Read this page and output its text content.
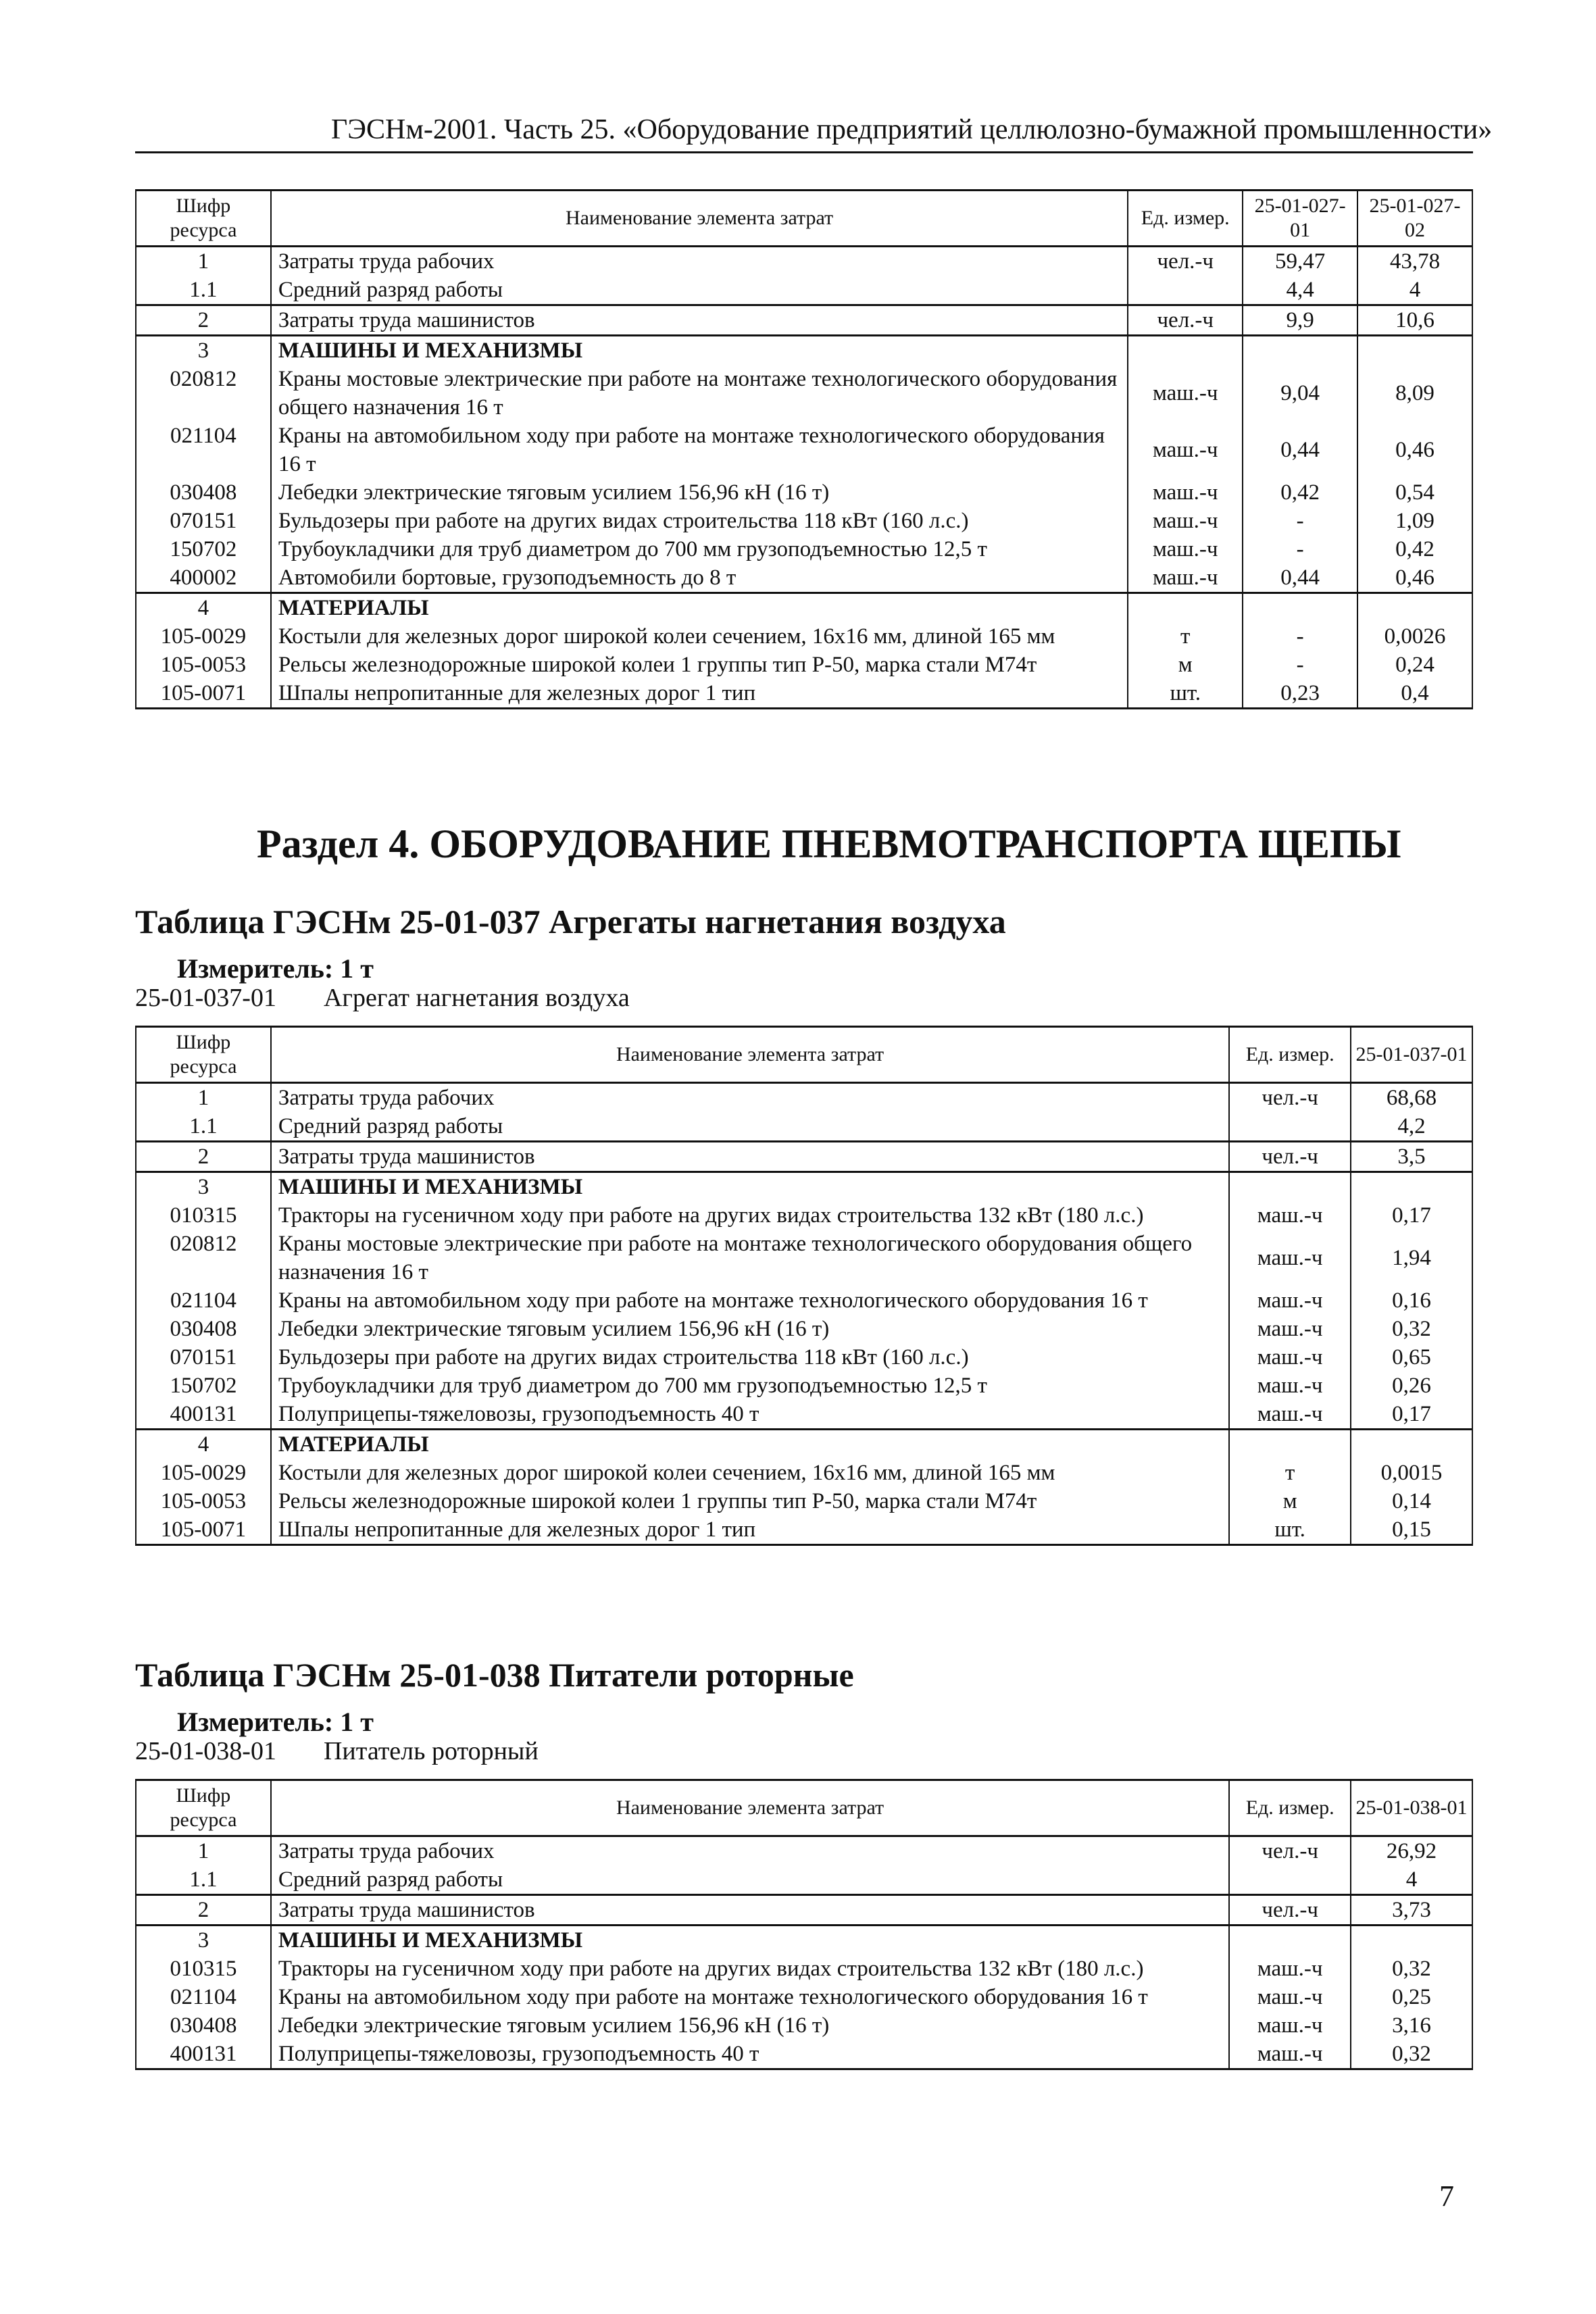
ГЭСНм-2001. Часть 25. «Оборудование предприятий целлюлозно-бумажной промышленности»
Шифр ресурса	Наименование элемента затрат	Ед. измер.	25-01-027-01	25-01-027-02
1	Затраты труда рабочих	чел.-ч	59,47	43,78
1.1	Средний разряд работы		4,4	4
2	Затраты труда машинистов	чел.-ч	9,9	10,6
3	МАШИНЫ И МЕХАНИЗМЫ			
020812	Краны мостовые электрические при работе на монтаже технологического оборудования общего назначения 16 т	маш.-ч	9,04	8,09
021104	Краны на автомобильном ходу при работе на монтаже технологического оборудования 16 т	маш.-ч	0,44	0,46
030408	Лебедки электрические тяговым усилием 156,96 кН (16 т)	маш.-ч	0,42	0,54
070151	Бульдозеры при работе на других видах строительства 118 кВт (160 л.с.)	маш.-ч	-	1,09
150702	Трубоукладчики для труб диаметром до 700 мм грузоподъемностью 12,5 т	маш.-ч	-	0,42
400002	Автомобили бортовые, грузоподъемность до 8 т	маш.-ч	0,44	0,46
4	МАТЕРИАЛЫ			
105-0029	Костыли для железных дорог широкой колеи сечением, 16x16 мм, длиной 165 мм	т	-	0,0026
105-0053	Рельсы железнодорожные широкой колеи 1 группы тип Р-50, марка стали М74т	м	-	0,24
105-0071	Шпалы непропитанные для железных дорог 1 тип	шт.	0,23	0,4
Раздел 4. ОБОРУДОВАНИЕ ПНЕВМОТРАНСПОРТА ЩЕПЫ
Таблица ГЭСНм 25-01-037 Агрегаты нагнетания воздуха
Измеритель: 1 т
25-01-037-01 Агрегат нагнетания воздуха
Шифр ресурса	Наименование элемента затрат	Ед. измер.	25-01-037-01
1	Затраты труда рабочих	чел.-ч	68,68
1.1	Средний разряд работы		4,2
2	Затраты труда машинистов	чел.-ч	3,5
3	МАШИНЫ И МЕХАНИЗМЫ		
010315	Тракторы на гусеничном ходу при работе на других видах строительства 132 кВт (180 л.с.)	маш.-ч	0,17
020812	Краны мостовые электрические при работе на монтаже технологического оборудования общего назначения 16 т	маш.-ч	1,94
021104	Краны на автомобильном ходу при работе на монтаже технологического оборудования 16 т	маш.-ч	0,16
030408	Лебедки электрические тяговым усилием 156,96 кН (16 т)	маш.-ч	0,32
070151	Бульдозеры при работе на других видах строительства 118 кВт (160 л.с.)	маш.-ч	0,65
150702	Трубоукладчики для труб диаметром до 700 мм грузоподъемностью 12,5 т	маш.-ч	0,26
400131	Полуприцепы-тяжеловозы, грузоподъемность 40 т	маш.-ч	0,17
4	МАТЕРИАЛЫ		
105-0029	Костыли для железных дорог широкой колеи сечением, 16x16 мм, длиной 165 мм	т	0,0015
105-0053	Рельсы железнодорожные широкой колеи 1 группы тип Р-50, марка стали М74т	м	0,14
105-0071	Шпалы непропитанные для железных дорог 1 тип	шт.	0,15
Таблица ГЭСНм 25-01-038 Питатели роторные
Измеритель: 1 т
25-01-038-01 Питатель роторный
Шифр ресурса	Наименование элемента затрат	Ед. измер.	25-01-038-01
1	Затраты труда рабочих	чел.-ч	26,92
1.1	Средний разряд работы		4
2	Затраты труда машинистов	чел.-ч	3,73
3	МАШИНЫ И МЕХАНИЗМЫ		
010315	Тракторы на гусеничном ходу при работе на других видах строительства 132 кВт (180 л.с.)	маш.-ч	0,32
021104	Краны на автомобильном ходу при работе на монтаже технологического оборудования 16 т	маш.-ч	0,25
030408	Лебедки электрические тяговым усилием 156,96 кН (16 т)	маш.-ч	3,16
400131	Полуприцепы-тяжеловозы, грузоподъемность 40 т	маш.-ч	0,32
7
